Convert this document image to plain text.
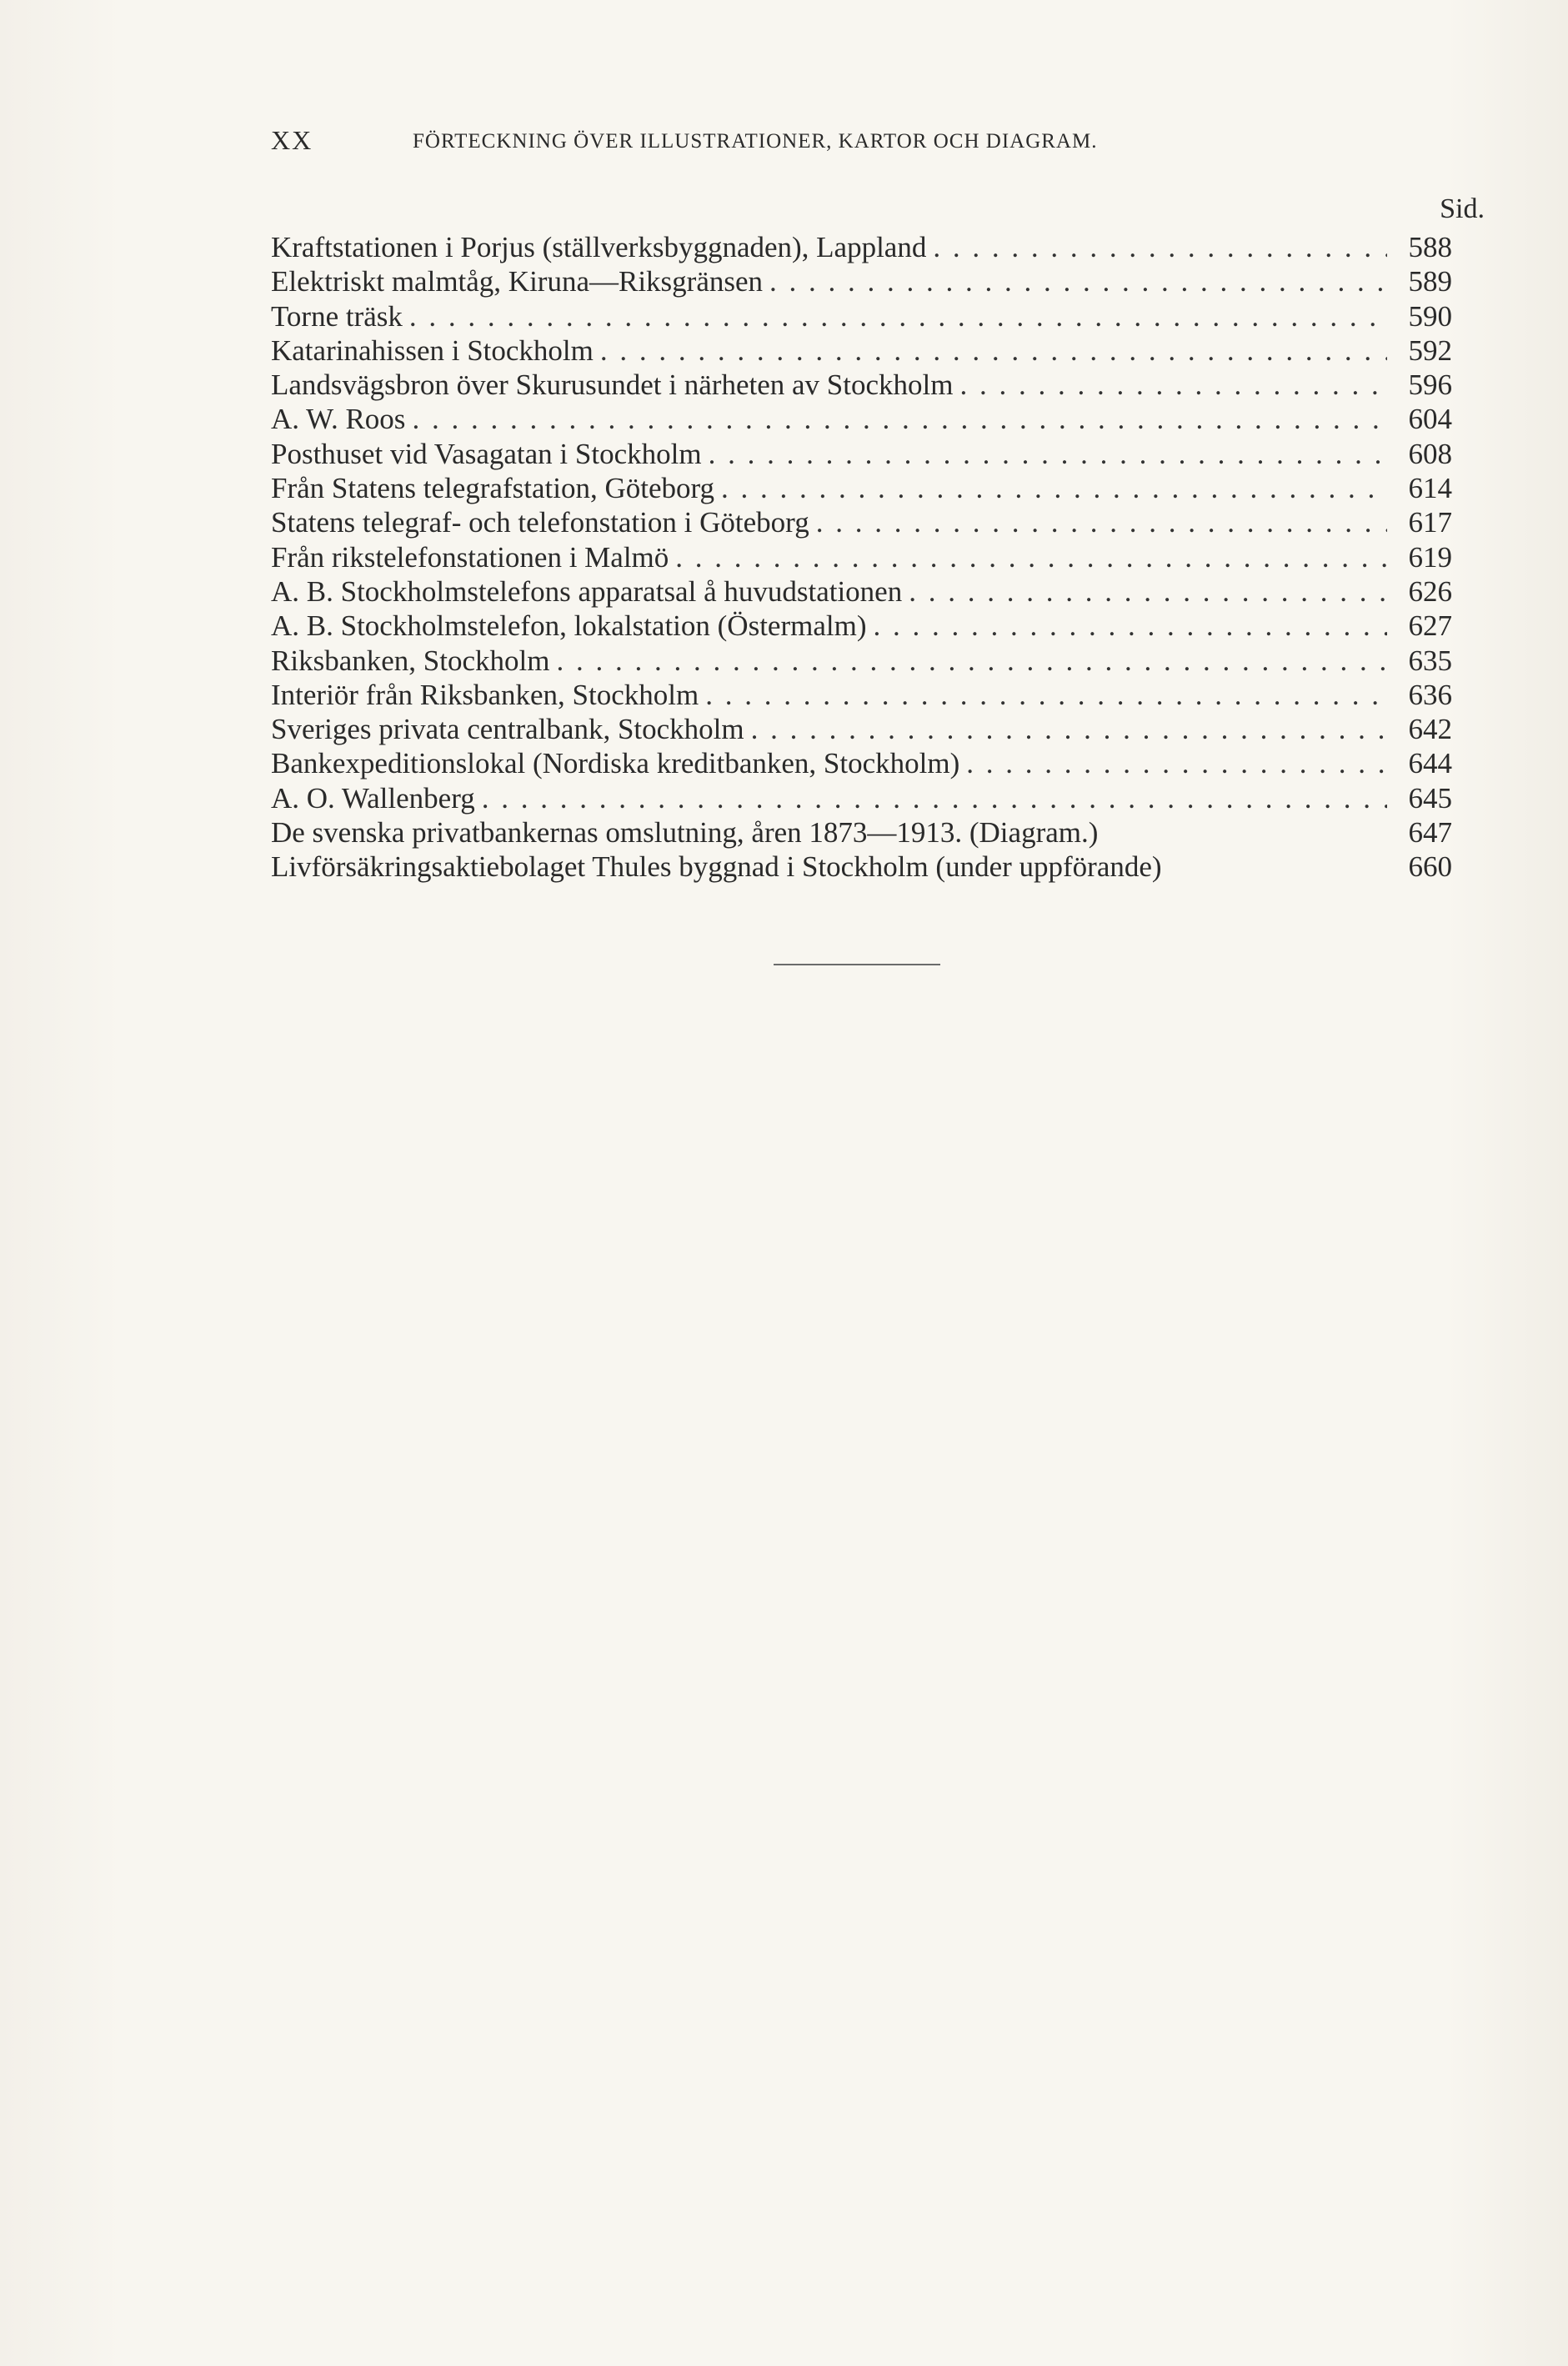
XX	FÖRTECKNING ÖVER ILLUSTRATIONER, KARTOR OCH DIAGRAM.
Sid.
Kraftstationen i Porjus (ställverksbyggnaden), Lappland . . .	588
Elektriskt malmtåg, Kiruna—Riksgränsen . . .	589
Torne träsk . . .	590
Katarinahissen i Stockholm . . .	592
Landsvägsbron över Skurusundet i närheten av Stockholm . . .	596
A. W. Roos . . .	604
Posthuset vid Vasagatan i Stockholm . . .	608
Från Statens telegrafstation, Göteborg . . .	614
Statens telegraf- och telefonstation i Göteborg . . .	617
Från rikstelefonstationen i Malmö . . .	619
A. B. Stockholmstelefons apparatsal å huvudstationen . . .	626
A. B. Stockholmstelefon, lokalstation (Östermalm) . . .	627
Riksbanken, Stockholm . . .	635
Interiör från Riksbanken, Stockholm . . .	636
Sveriges privata centralbank, Stockholm . . .	642
Bankexpeditionslokal (Nordiska kreditbanken, Stockholm) . . .	644
A. O. Wallenberg . . .	645
De svenska privatbankernas omslutning, åren 1873—1913. (Diagram.)	647
Livförsäkringsaktiebolaget Thules byggnad i Stockholm (under uppförande)	660
